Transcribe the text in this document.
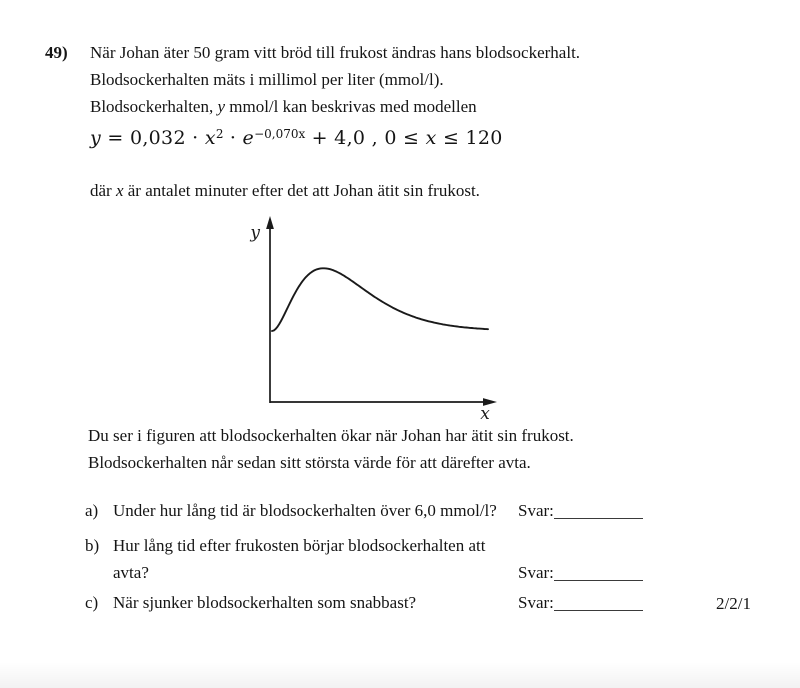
49) När Johan äter 50 gram vitt bröd till frukost ändras hans blodsockerhalt.
Blodsockerhalten mäts i millimol per liter (mmol/l).
Blodsockerhalten, y mmol/l kan beskrivas med modellen
$y = 0,032 \cdot x^2 \cdot e^{-0,070x} + 4,0$ , 0 ≤ x ≤ 120
där x är antalet minuter efter det att Johan ätit sin frukost.
y
x
Du ser i figuren att blodsockerhalten ökar när Johan har ätit sin frukost.
Blodsockerhalten når sedan sitt största värde för att därefter avta.
a) Under hur lång tid är blodsockerhalten över 6,0 mmol/l?	Svar:
b) Hur lång tid efter frukosten börjar blodsockerhalten att
avta?	Svar:
c) När sjunker blodsockerhalten som snabbast?	Svar:	2/2/1
